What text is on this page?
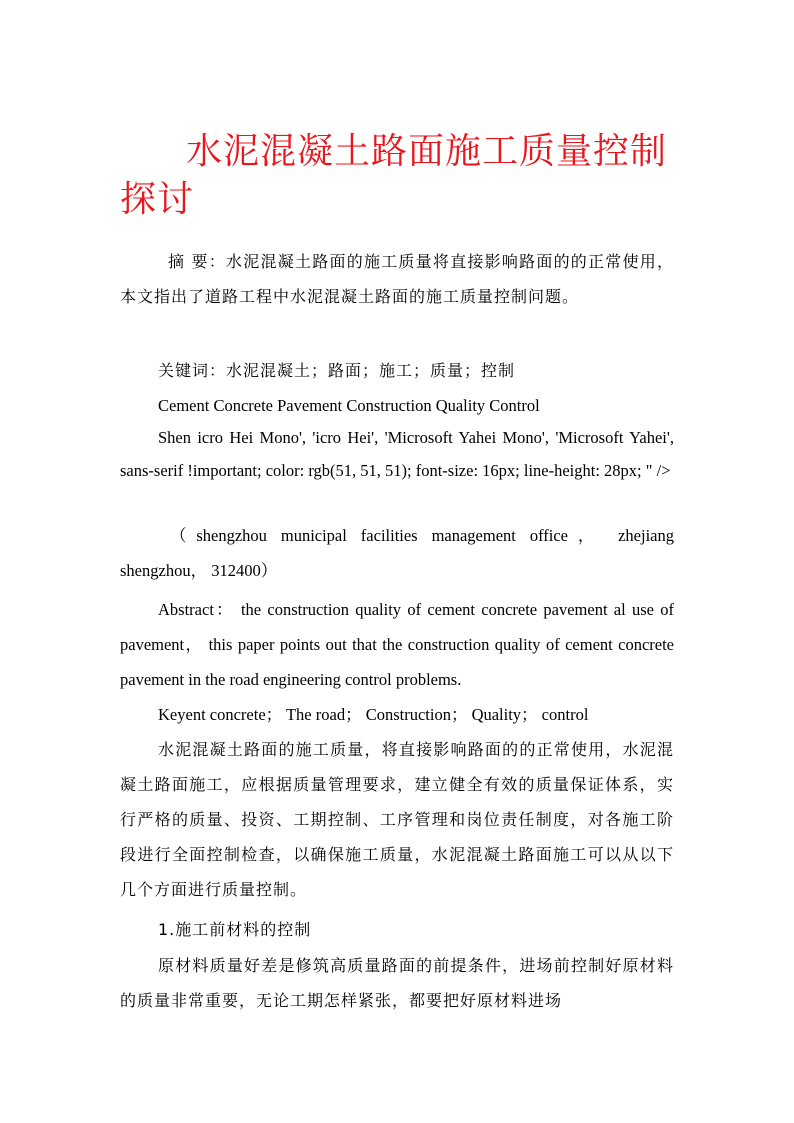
水泥混凝土路面施工质量控制探讨
摘 要：水泥混凝土路面的施工质量将直接影响路面的的正常使用，本文指出了道路工程中水泥混凝土路面的施工质量控制问题。
关键词：水泥混凝土；路面；施工；质量；控制
Cement Concrete Pavement Construction Quality Control
Shen icro Hei Mono', 'icro Hei', 'Microsoft Yahei Mono', 'Microsoft Yahei', sans-serif !important; color: rgb(51, 51, 51); font-size: 16px; line-height: 28px; " />
（shengzhou municipal facilities management office， zhejiang shengzhou， 312400）
Abstract： the construction quality of cement concrete pavement al use of pavement， this paper points out that the construction quality of cement concrete pavement in the road engineering control problems.
Keyent concrete； The road； Construction； Quality； control
水泥混凝土路面的施工质量，将直接影响路面的的正常使用，水泥混凝土路面施工，应根据质量管理要求，建立健全有效的质量保证体系，实行严格的质量、投资、工期控制、工序管理和岗位责任制度，对各施工阶段进行全面控制检查，以确保施工质量，水泥混凝土路面施工可以从以下几个方面进行质量控制。
1.施工前材料的控制
原材料质量好差是修筑高质量路面的前提条件，进场前控制好原材料的质量非常重要，无论工期怎样紧张，都要把好原材料进场
